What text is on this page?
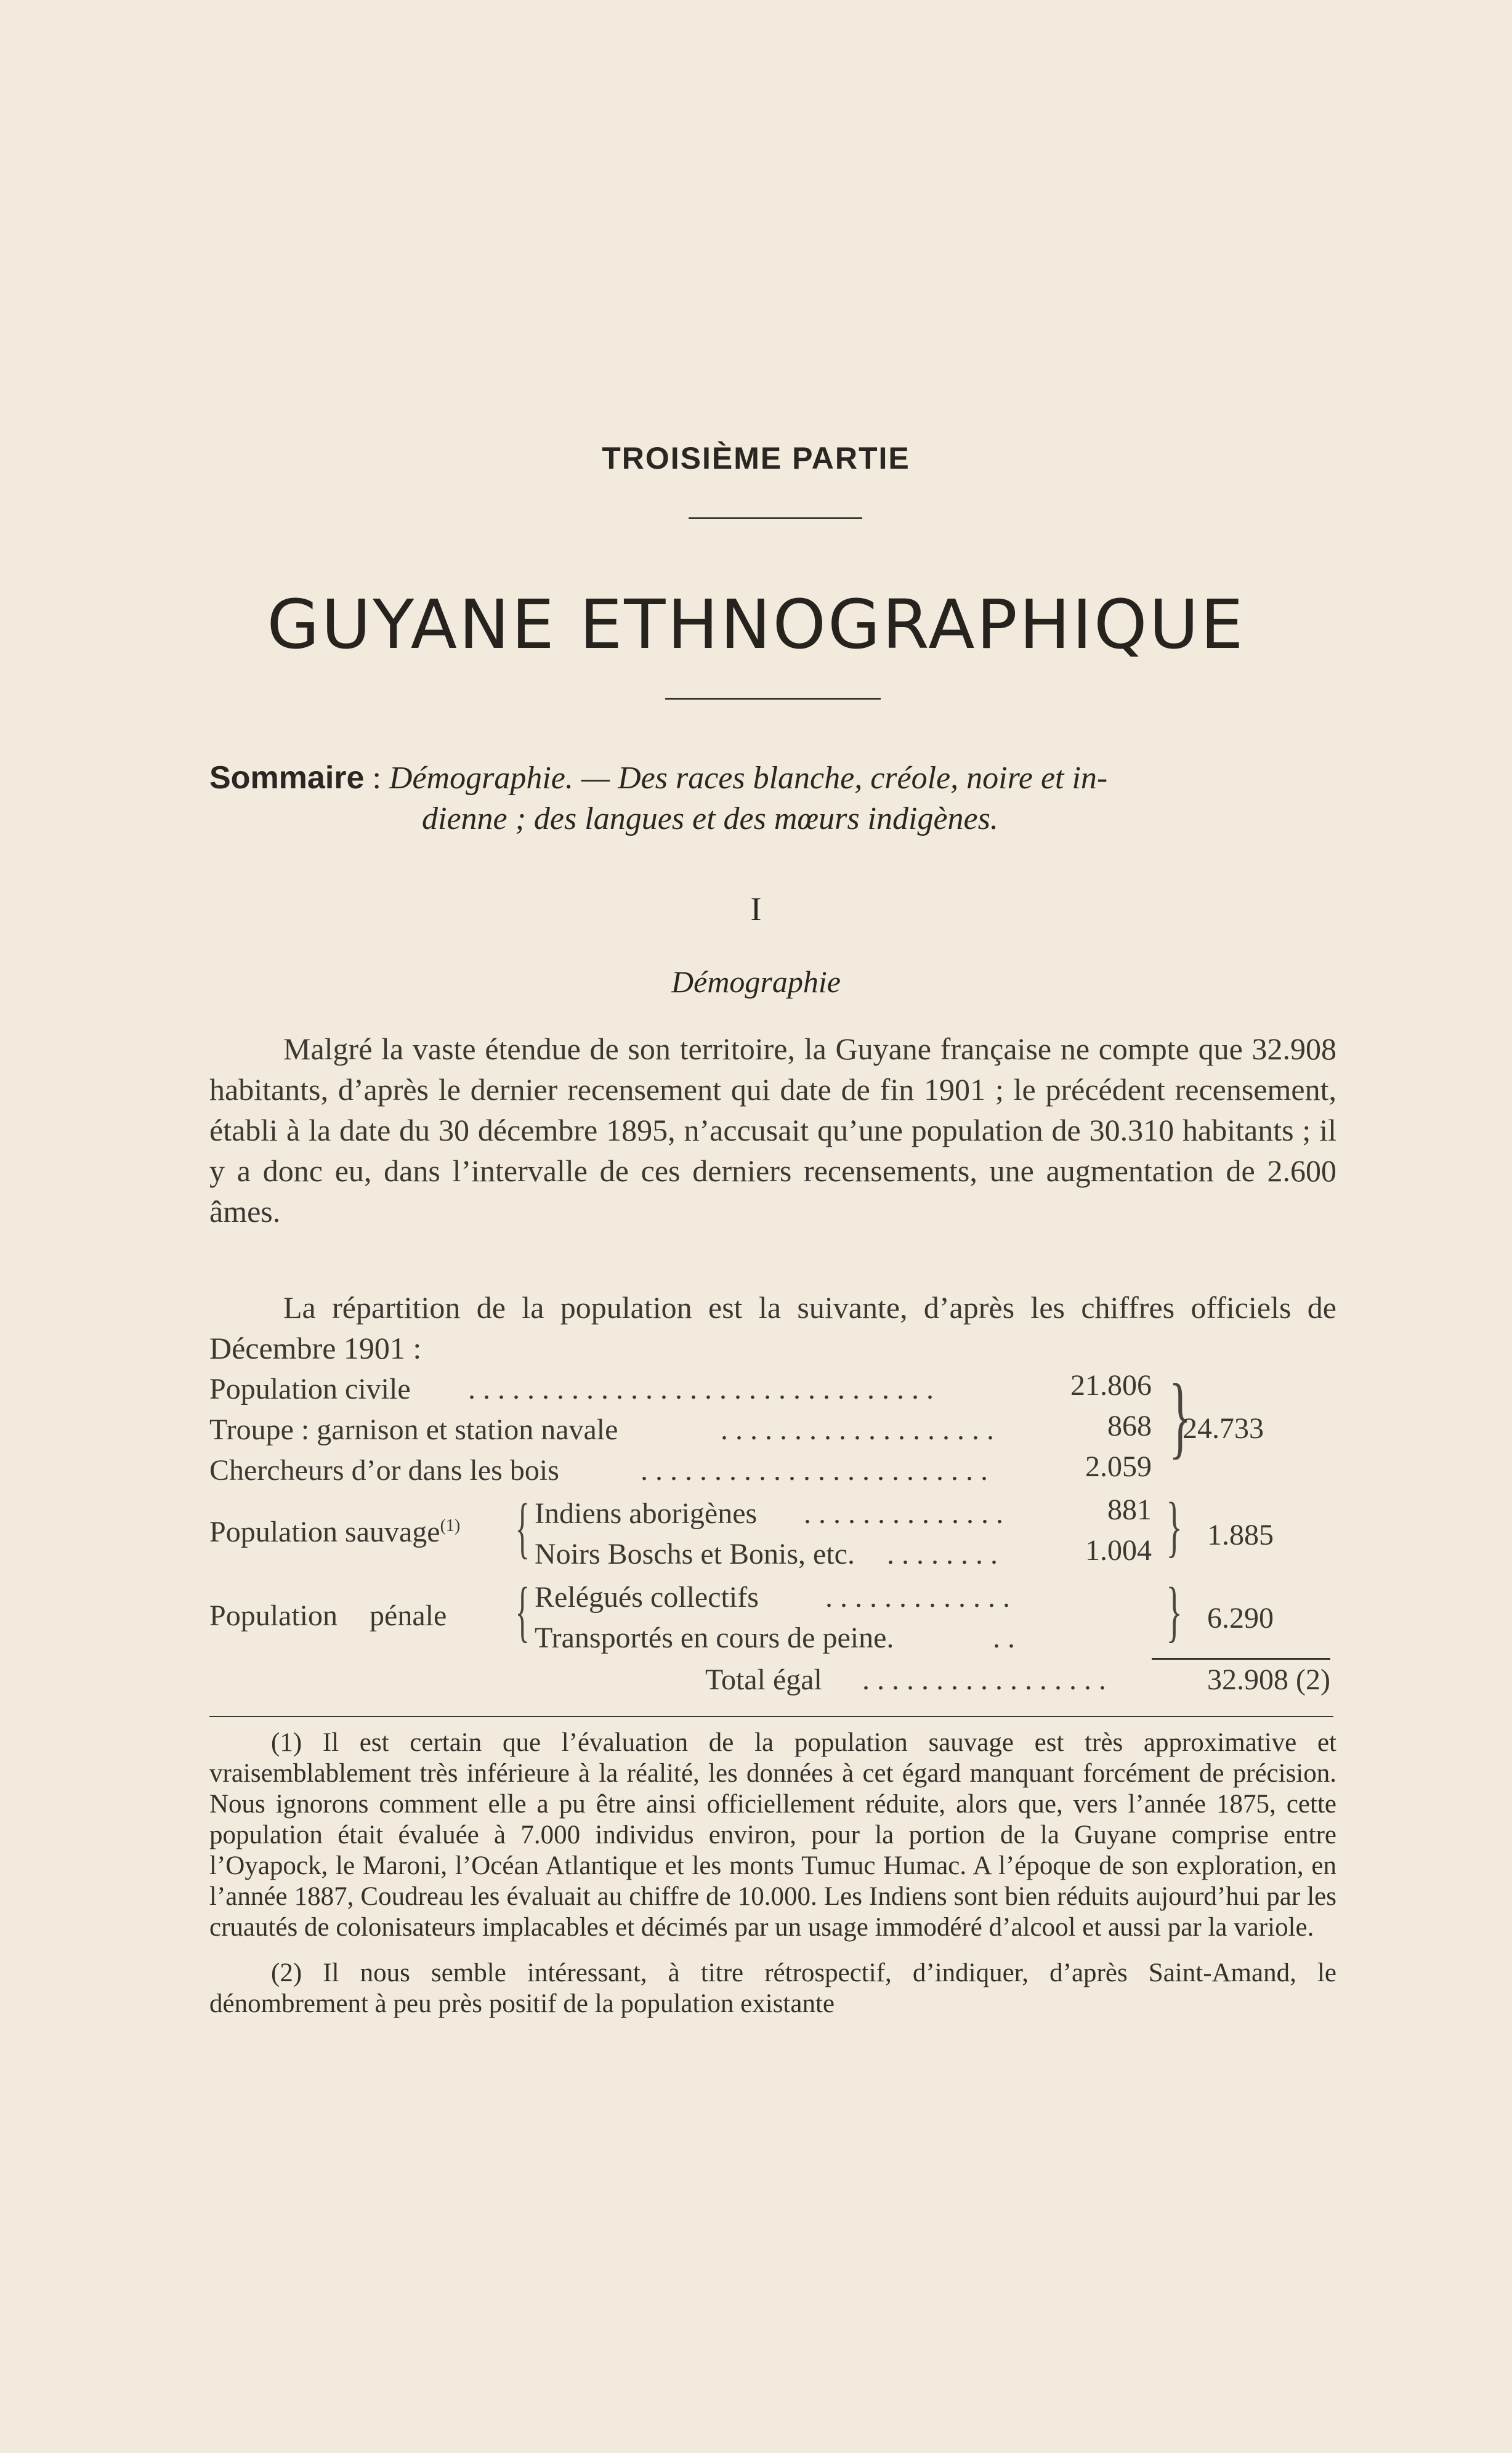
TROISIÈME PARTIE
GUYANE ETHNOGRAPHIQUE
Sommaire : Démographie. — Des races blanche, créole, noire et in-
dienne ; des langues et des mœurs indigènes.
I
Démographie
Malgré la vaste étendue de son territoire, la Guyane française ne compte que 32.908 habitants, d’après le dernier recensement qui date de fin 1901 ; le précédent recensement, établi à la date du 30 décembre 1895, n’accusait qu’une population de 30.310 habitants ; il y a donc eu, dans l’intervalle de ces derniers recensements, une augmentation de 2.600 âmes.
La répartition de la population est la suivante, d’après les chiffres officiels de Décembre 1901 :
Population civile . . . . . . . . . . . . . . . . . . . . . . . . . . . . . . . .	21.806
Troupe : garnison et station navale	. . . . . . . . . . . . . . . . . . .	868
Chercheurs d’or dans les bois	. . . . . . . . . . . . . . . . . . . . . . . .	2.059 }
24.733
Population sauvage$^{(1)}$ { Indiens aborigènes . . . . . . . . . . . . . .	881
Noirs Boschs et Bonis, etc. . . . . . . . .	1.004 } 1.885
Population pénale { Relégués collectifs . . . . . . . . . . . . .
Transportés en cours de peine.	. . } 6.290
Total égal . . . . . . . . . . . . . . . . .	32.908 (2)

(1) Il est certain que l’évaluation de la population sauvage est très approximative et vraisemblablement très inférieure à la réalité, les données à cet égard manquant forcément de précision. Nous ignorons comment elle a pu être ainsi officiellement réduite, alors que, vers l’année 1875, cette population était évaluée à 7.000 individus environ, pour la portion de la Guyane comprise entre l’Oyapock, le Maroni, l’Océan Atlantique et les monts Tumuc Humac. A l’époque de son exploration, en l’année 1887, Coudreau les évaluait au chiffre de 10.000. Les Indiens sont bien réduits aujourd’hui par les cruautés de colonisateurs implacables et décimés par un usage immodéré d’alcool et aussi par la variole.

(2) Il nous semble intéressant, à titre rétrospectif, d’indiquer, d’après Saint-Amand, le dénombrement à peu près positif de la population existante
